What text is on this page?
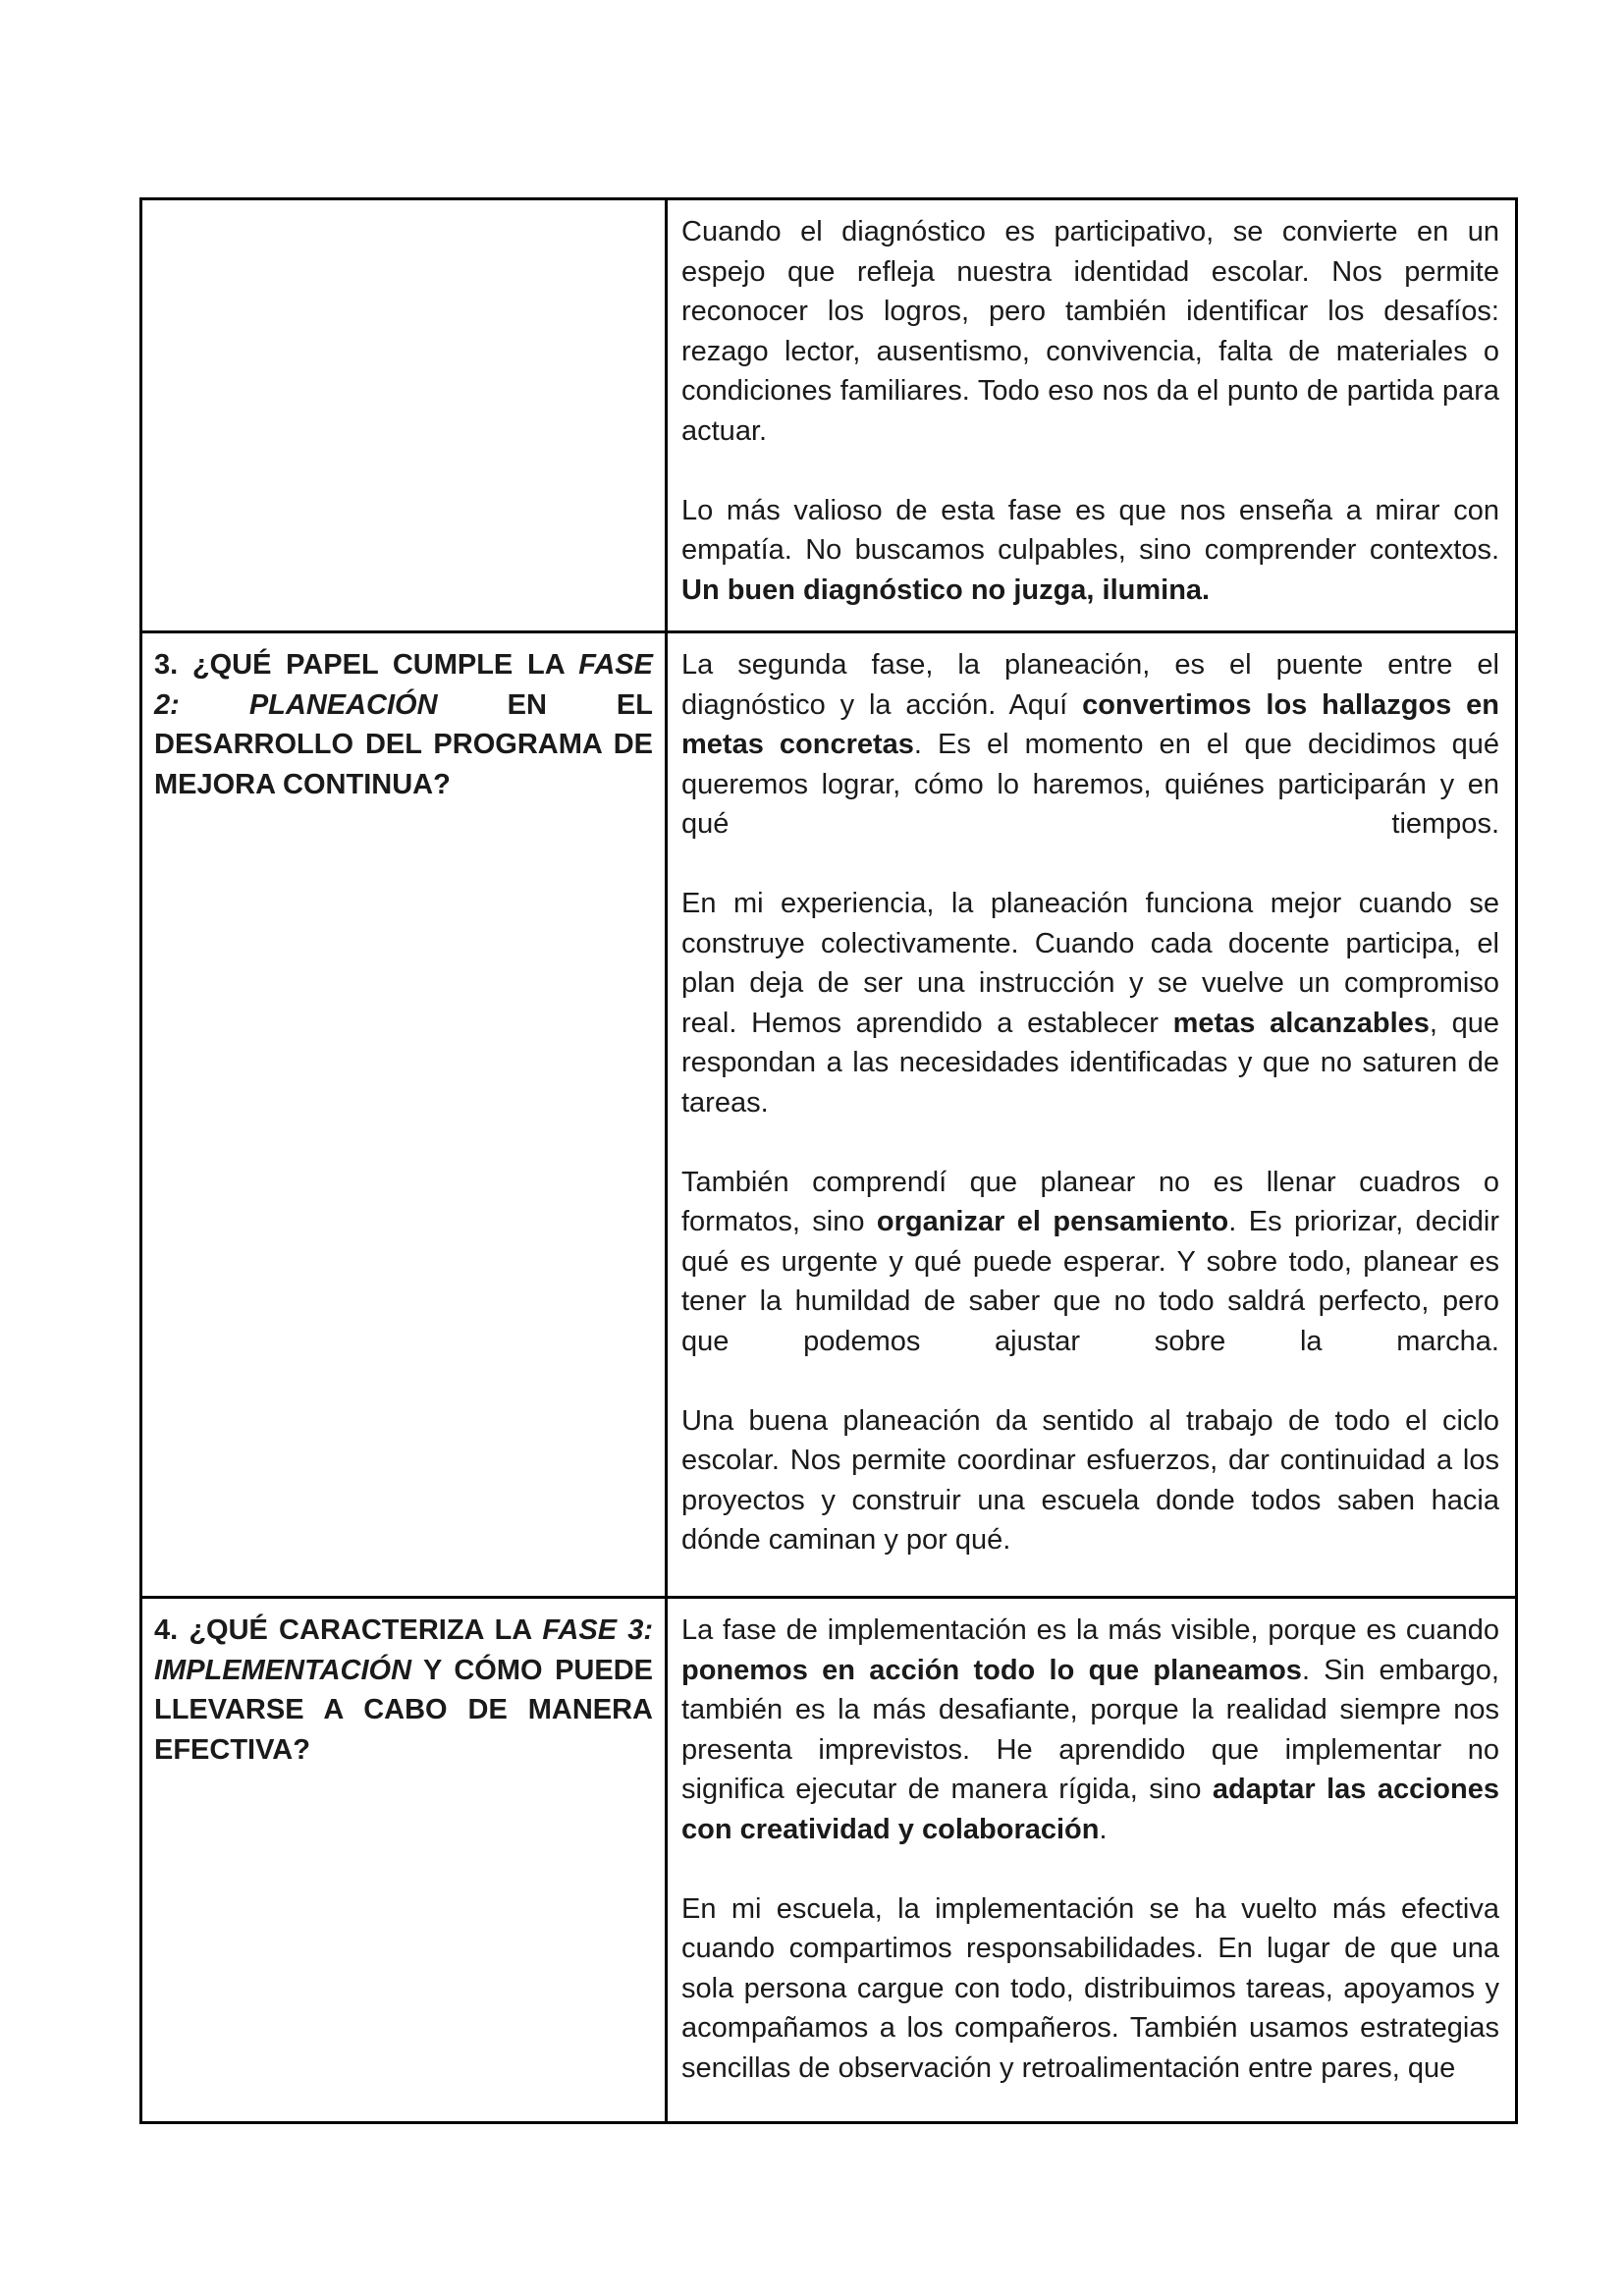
	Cuando el diagnóstico es participativo, se convierte en un espejo que refleja nuestra identidad escolar. Nos permite reconocer los logros, pero también identificar los desafíos: rezago lector, ausentismo, convivencia, falta de materiales o condiciones familiares. Todo eso nos da el punto de partida para actuar.

Lo más valioso de esta fase es que nos enseña a mirar con empatía. No buscamos culpables, sino comprender contextos. Un buen diagnóstico no juzga, ilumina.

3. ¿QUÉ PAPEL CUMPLE LA FASE 2: PLANEACIÓN EN EL DESARROLLO DEL PROGRAMA DE MEJORA CONTINUA?	La segunda fase, la planeación, es el puente entre el diagnóstico y la acción. Aquí convertimos los hallazgos en metas concretas. Es el momento en el que decidimos qué queremos lograr, cómo lo haremos, quiénes participarán y en qué tiempos.

En mi experiencia, la planeación funciona mejor cuando se construye colectivamente. Cuando cada docente participa, el plan deja de ser una instrucción y se vuelve un compromiso real. Hemos aprendido a establecer metas alcanzables, que respondan a las necesidades identificadas y que no saturen de tareas.

También comprendí que planear no es llenar cuadros o formatos, sino organizar el pensamiento. Es priorizar, decidir qué es urgente y qué puede esperar. Y sobre todo, planear es tener la humildad de saber que no todo saldrá perfecto, pero que podemos ajustar sobre la marcha.

Una buena planeación da sentido al trabajo de todo el ciclo escolar. Nos permite coordinar esfuerzos, dar continuidad a los proyectos y construir una escuela donde todos saben hacia dónde caminan y por qué.

4. ¿QUÉ CARACTERIZA LA FASE 3: IMPLEMENTACIÓN Y CÓMO PUEDE LLEVARSE A CABO DE MANERA EFECTIVA?	La fase de implementación es la más visible, porque es cuando ponemos en acción todo lo que planeamos. Sin embargo, también es la más desafiante, porque la realidad siempre nos presenta imprevistos. He aprendido que implementar no significa ejecutar de manera rígida, sino adaptar las acciones con creatividad y colaboración.

En mi escuela, la implementación se ha vuelto más efectiva cuando compartimos responsabilidades. En lugar de que una sola persona cargue con todo, distribuimos tareas, apoyamos y acompañamos a los compañeros. También usamos estrategias sencillas de observación y retroalimentación entre pares, que
